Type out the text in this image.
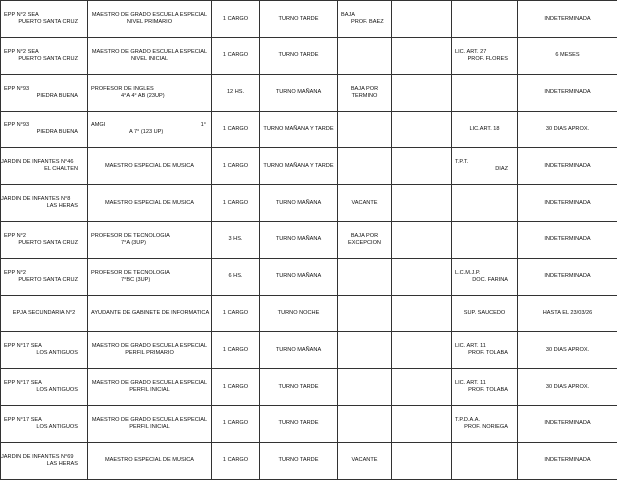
EPP N°2 SEA
PUERTO SANTA CRUZ	MAESTRO DE GRADO ESCUELA ESPECIAL
NIVEL PRIMARIO	1 CARGO	TURNO TARDE	BAJA
PROF. BAEZ			INDETERMINADA

EPP N°2 SEA
PUERTO SANTA CRUZ	MAESTRO DE GRADO ESCUELA ESPECIAL
NIVEL INICIAL	1 CARGO	TURNO TARDE			LIC. ART. 27
PROF. FLORES	6 MESES

EPP N°93
PIEDRA BUENA	PROFESOR DE INGLES
4°A 4° AB (23UP)	12 HS.	TURNO MAÑANA	BAJA POR
TERMINO			INDETERMINADA

EPP N°93
PIEDRA BUENA	AMGI 1°
A 7° (123 UP)	1 CARGO	TURNO MAÑANA Y TARDE			LIC.ART. 18	30 DIAS APROX.

JARDIN DE INFANTES N°46
EL CHALTEN	MAESTRO ESPECIAL DE MUSICA	1 CARGO	TURNO MAÑANA Y TARDE			T.P.T.
DIAZ	INDETERMINADA

JARDIN DE INFANTES N°8
LAS HERAS	MAESTRO ESPECIAL DE MUSICA	1 CARGO	TURNO MAÑANA	VACANTE			INDETERMINADA

EPP N°2
PUERTO SANTA CRUZ	PROFESOR DE TECNOLOGIA
7°A (3UP)	3 HS.	TURNO MAÑANA	BAJA POR
EXCEPCION			INDETERMINADA

EPP N°2
PUERTO SANTA CRUZ	PROFESOR DE TECNOLOGIA
7°BC (3UP)	6 HS.	TURNO MAÑANA			L.C.M.J.P.
DOC. FARINA	INDETERMINADA

EPJA SECUNDARIA N°2	AYUDANTE DE GABINETE DE INFORMATICA	1 CARGO	TURNO NOCHE			SUP. SAUCEDO	HASTA EL 23/03/26

EPP N°17 SEA
LOS ANTIGUOS	MAESTRO DE GRADO ESCUELA ESPECIAL
PERFIL PRIMARIO	1 CARGO	TURNO MAÑANA			LIC. ART. 11
PROF. TOLABA	30 DIAS APROX.

EPP N°17 SEA
LOS ANTIGUOS	MAESTRO DE GRADO ESCUELA ESPECIAL
PERFIL INICIAL	1 CARGO	TURNO TARDE			LIC. ART. 11
PROF. TOLABA	30 DIAS APROX.

EPP N°17 SEA
LOS ANTIGUOS	MAESTRO DE GRADO ESCUELA ESPECIAL
PERFIL INICIAL	1 CARGO	TURNO TARDE			T.P.D.A.A.
PROF. NORIEGA	INDETERMINADA

JARDIN DE INFANTES N°69
LAS HERAS	MAESTRO ESPECIAL DE MUSICA	1 CARGO	TURNO TARDE	VACANTE			INDETERMINADA
